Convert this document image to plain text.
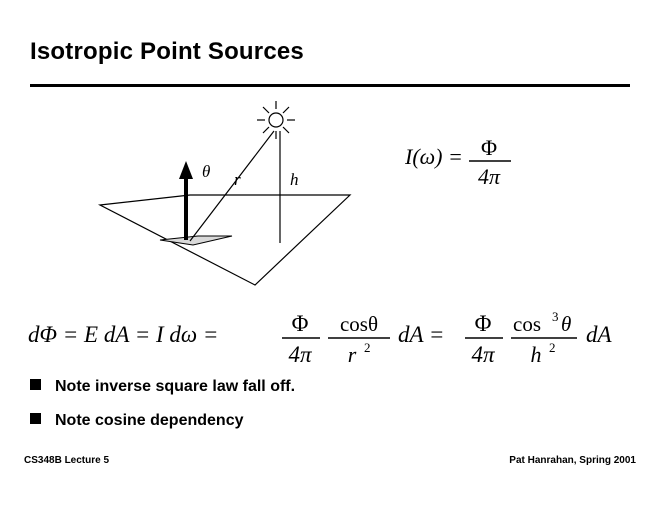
Isotropic Point Sources
θ r	h
I(ω) = Φ
4π
dΦ = E dA = I dω =	Φ
4π
cosθ
r 2
dA = Φ
4π
cos 3 θ
h 2
dA
Note inverse square law fall off.
Note cosine dependency
CS348B Lecture 5	Pat Hanrahan, Spring 2001
